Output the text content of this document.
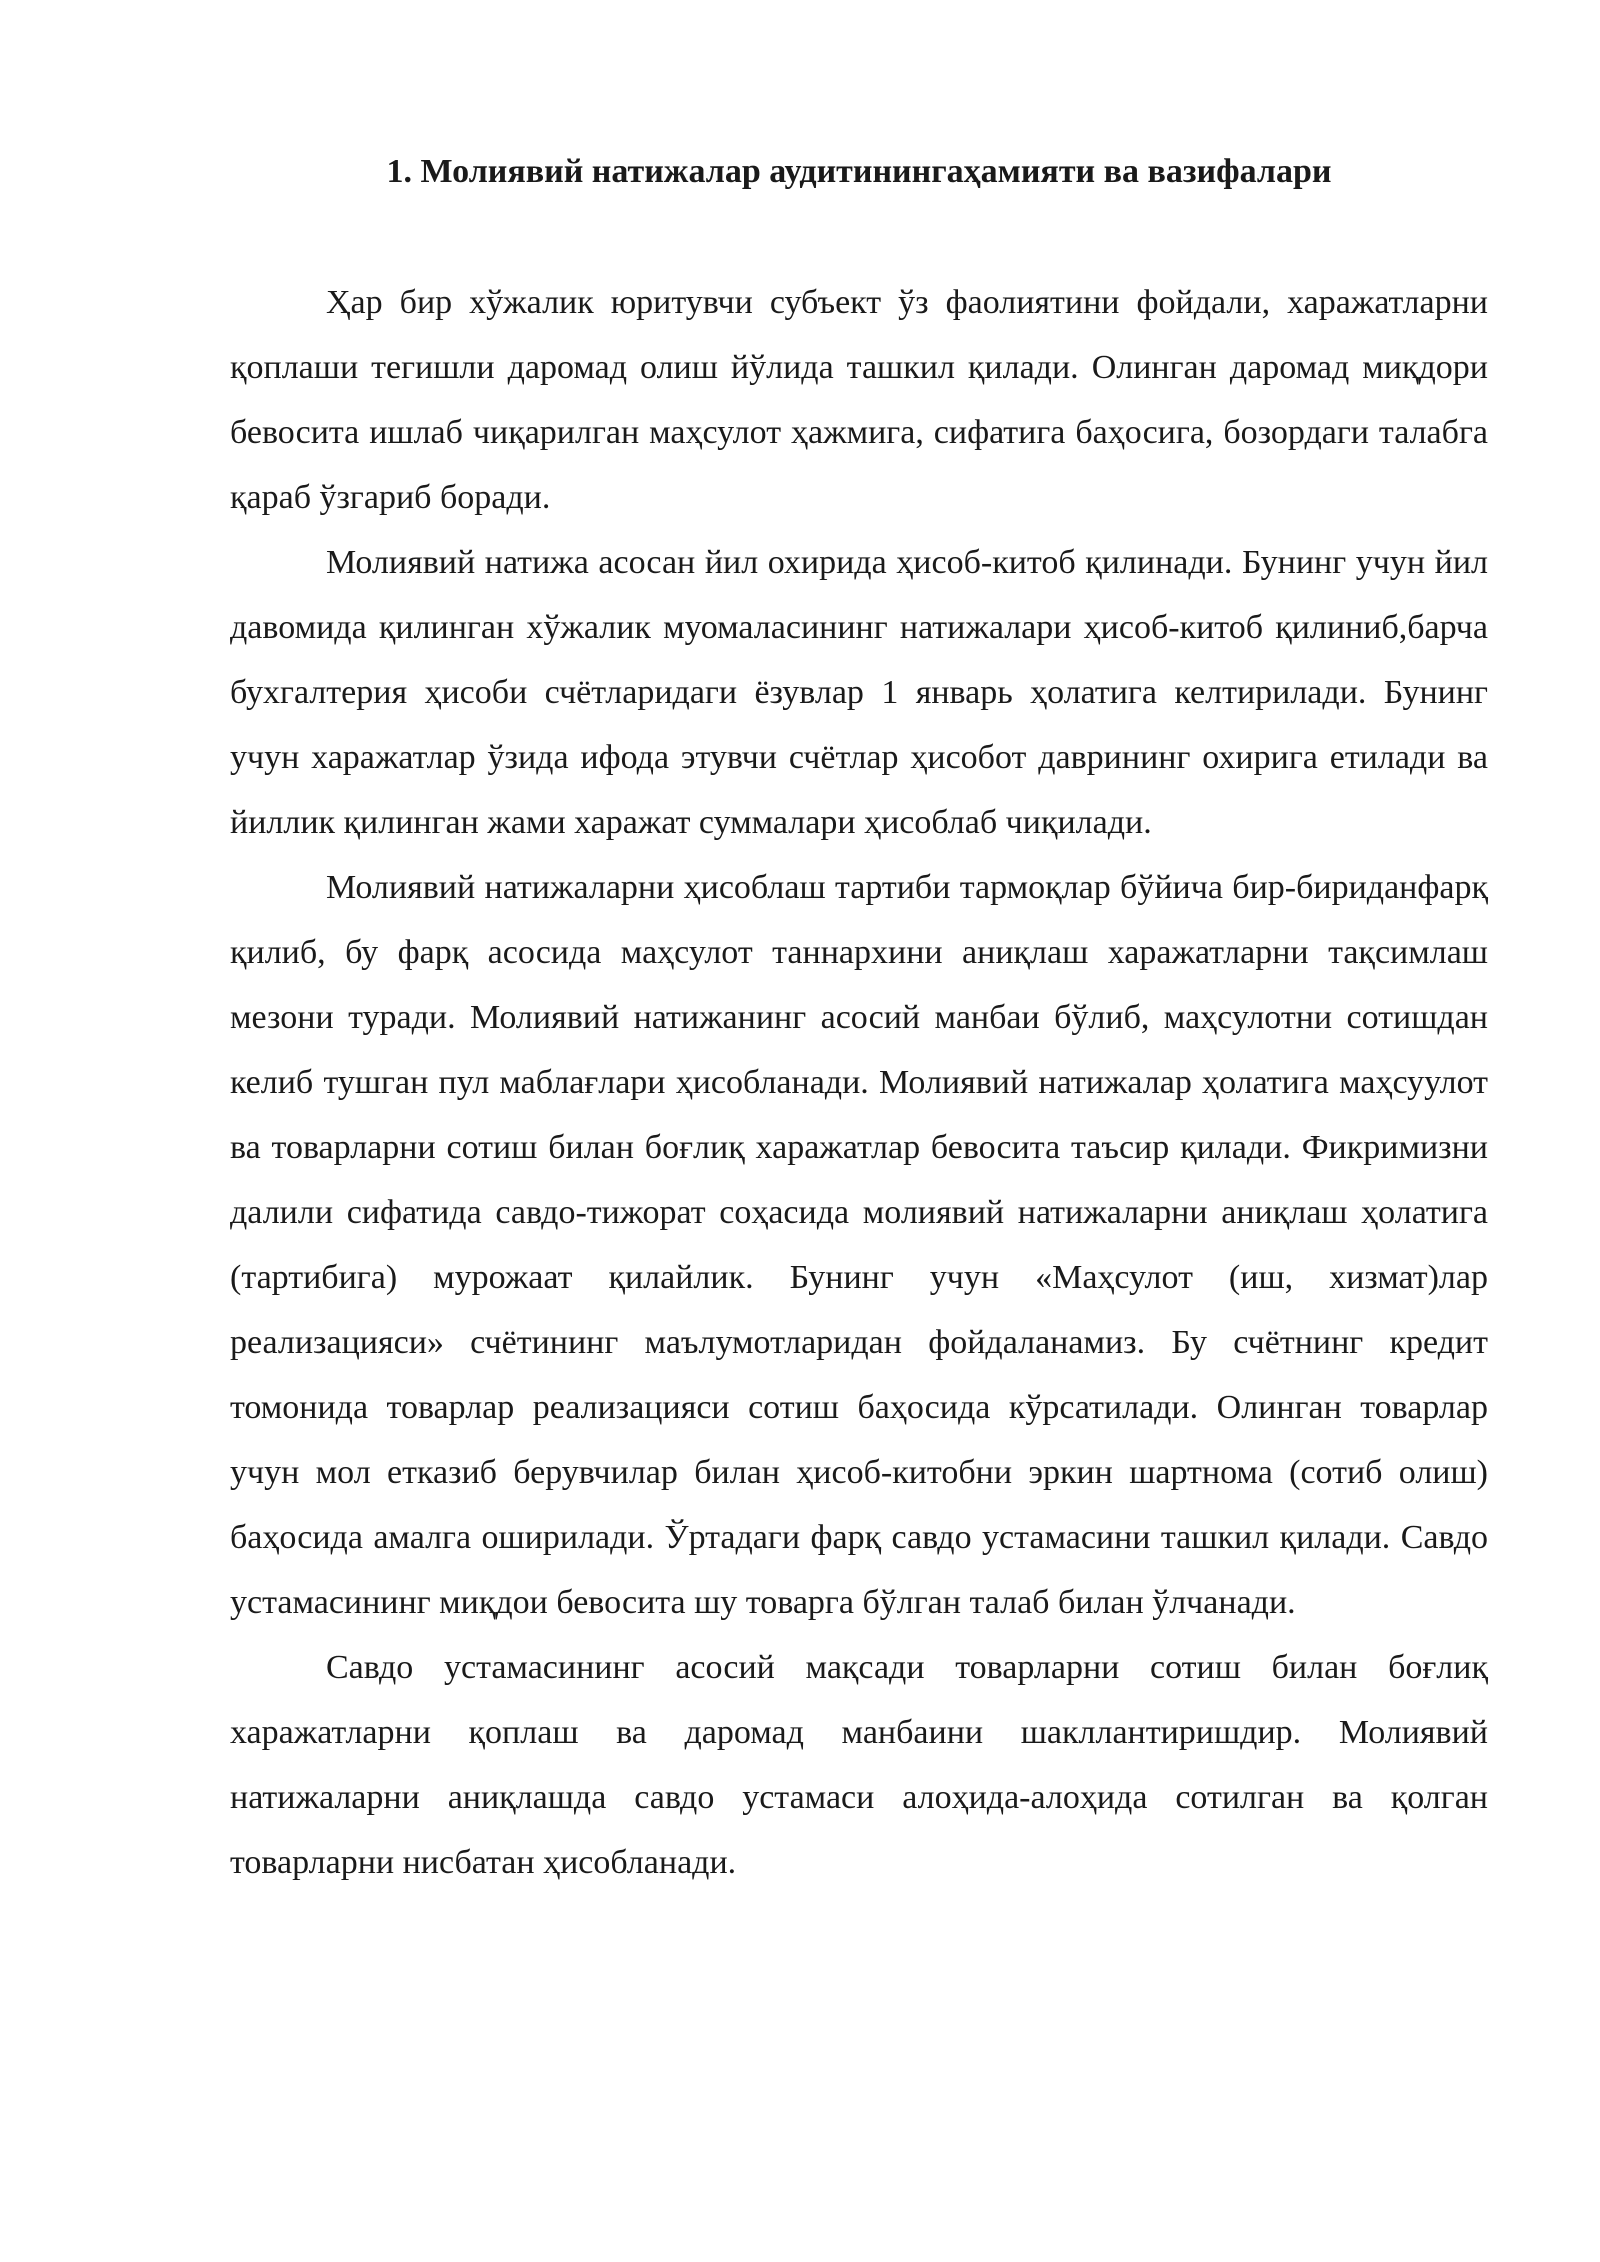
1. Молиявий натижалар аудитинингаҳамияти ва вазифалари

Ҳар бир хўжалик юритувчи субъект ўз фаолиятини фойдали, харажатларни қоплаши тегишли даромад олиш йўлида ташкил қилади. Олинган даромад миқдори бевосита ишлаб чиқарилган маҳсулот ҳажмига, сифатига баҳосига, бозордаги талабга қараб ўзгариб боради.

Молиявий натижа асосан йил охирида ҳисоб-китоб қилинади. Бунинг учун йил давомида қилинган хўжалик муомаласининг натижалари ҳисоб-китоб қилиниб,барча бухгалтерия ҳисоби счётларидаги ёзувлар 1 январь ҳолатига келтирилади. Бунинг учун харажатлар ўзида ифода этувчи счётлар ҳисобот даврининг охирига етилади ва йиллик қилинган жами харажат суммалари ҳисоблаб чиқилади.

Молиявий натижаларни ҳисоблаш тартиби тармоқлар бўйича бир-бириданфарқ қилиб, бу фарқ асосида маҳсулот таннархини аниқлаш харажатларни тақсимлаш мезони туради. Молиявий натижанинг асосий манбаи бўлиб, маҳсулотни сотишдан келиб тушган пул маблағлари ҳисобланади. Молиявий натижалар ҳолатига маҳсуулот ва товарларни сотиш билан боғлиқ харажатлар бевосита таъсир қилади. Фикримизни далили сифатида савдо-тижорат соҳасида молиявий натижаларни аниқлаш ҳолатига (тартибига) мурожаат қилайлик. Бунинг учун «Маҳсулот (иш, хизмат)лар реализацияси» счётининг маълумотларидан фойдаланамиз. Бу счётнинг кредит томонида товарлар реализацияси сотиш баҳосида кўрсатилади. Олинган товарлар учун мол етказиб берувчилар билан ҳисоб-китобни эркин шартнома (сотиб олиш) баҳосида амалга оширилади. Ўртадаги фарқ савдо устамасини ташкил қилади. Савдо устамасининг миқдои бевосита шу товарга бўлган талаб билан ўлчанади.

Савдо устамасининг асосий мақсади товарларни сотиш билан боғлиқ харажатларни қоплаш ва даромад манбаини шакллантиришдир. Молиявий натижаларни аниқлашда савдо устамаси алоҳида-алоҳида сотилган ва қолган товарларни нисбатан ҳисобланади.
